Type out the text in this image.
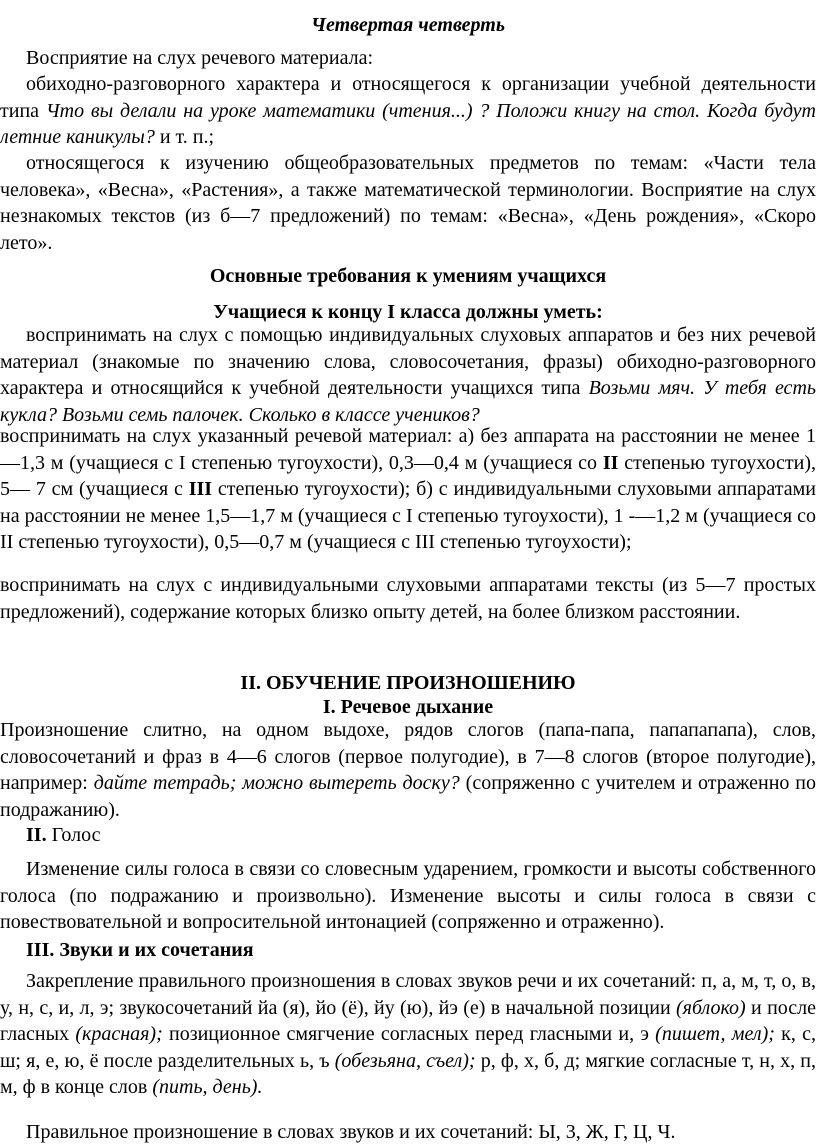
Четвертая четверть

Восприятие на слух речевого материала:

обиходно-разговорного характера и относящегося к организации учебной деятельности типа Что вы делали на уроке математики (чтения...) ? Положи книгу на стол. Когда будут летние каникулы? и т. п.;

относящегося к изучению общеобразовательных предметов по темам: «Части тела человека», «Весна», «Растения», а также математической терминологии. Восприятие на слух незнакомых текстов (из б—7 предложений) по темам: «Весна», «День рождения», «Скоро лето».

Основные требования к умениям учащихся
Учащиеся к концу I класса должны уметь:

воспринимать на слух с помощью индивидуальных слуховых аппаратов и без них речевой материал (знакомые по значению слова, словосочетания, фразы) обиходно-разговорного характера и относящийся к учебной деятельности учащихся типа Возьми мяч. У тебя есть кукла? Возьми семь палочек. Сколько в классе учеников?

воспринимать на слух указанный речевой материал: а) без аппарата на расстоянии не менее 1 —1,3 м (учащиеся с I степенью тугоухости), 0,3—0,4 м (учащиеся со II степенью тугоухости), 5— 7 см (учащиеся с III степенью тугоухости); б) с индивидуальными слуховыми аппаратами на расстоянии не менее 1,5—1,7 м (учащиеся с I степенью тугоухости), 1 -—1,2 м (учащиеся со II степенью тугоухости), 0,5—0,7 м (учащиеся с III степенью тугоухости);

воспринимать на слух с индивидуальными слуховыми аппаратами тексты (из 5—7 простых предложений), содержание которых близко опыту детей, на более близком расстоянии.

II. ОБУЧЕНИЕ ПРОИЗНОШЕНИЮ
I. Речевое дыхание

Произношение слитно, на одном выдохе, рядов слогов (папа-папа, папапапапа), слов, словосочетаний и фраз в 4—6 слогов (первое полугодие), в 7—8 слогов (второе полугодие), например: дайте тетрадь; можно вытереть доску? (сопряженно с учителем и отраженно по подражанию).

II. Голос

Изменение силы голоса в связи со словесным ударением, громкости и высоты собственного голоса (по подражанию и произвольно). Изменение высоты и силы голоса в связи с повествовательной и вопросительной интонацией (сопряженно и отраженно).

III. Звуки и их сочетания

Закрепление правильного произношения в словах звуков речи и их сочетаний: п, а, м, т, о, в, у, н, с, и, л, э; звукосочетаний йа (я), йо (ё), йу (ю), йэ (е) в начальной позиции (яблоко) и после гласных (красная); позиционное смягчение согласных перед гласными и, э (пишет, мел); к, с, ш; я, е, ю, ё после разделительных ь, ъ (обезьяна, съел); р, ф, х, б, д; мягкие согласные т, н, х, п, м, ф в конце слов (пить, день).

Правильное произношение в словах звуков и их сочетаний: Ы, 3, Ж, Г, Ц, Ч.
